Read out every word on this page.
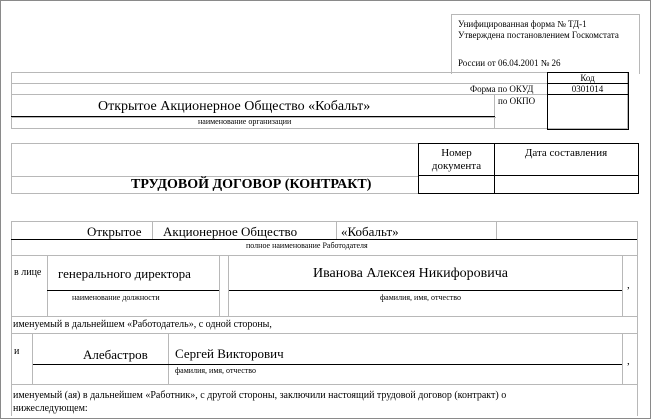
Унифицированная форма № ТД-1
Утверждена постановлением Госкомстата
России от 06.04.2001 № 26
Код
Форма по ОКУД	0301014
по ОКПО
Открытое Акционерное Общество «Кобальт»
наименование организации
Номер документа
Дата составления
ТРУДОВОЙ ДОГОВОР (КОНТРАКТ)
Открытое Акционерное Общество	«Кобальт»
полное наименование Работодателя
в лице генерального директора
наименование должности
Иванова Алексея Никифоровича
фамилия, имя, отчество
,
именуемый в дальнейшем «Работодатель», с одной стороны,
и	Алебастров Сергей Викторович
фамилия, имя, отчество
,
именуемый (ая) в дальнейшем «Работник», с другой стороны, заключили настоящий трудовой договор (контракт) о
нижеследующем:
